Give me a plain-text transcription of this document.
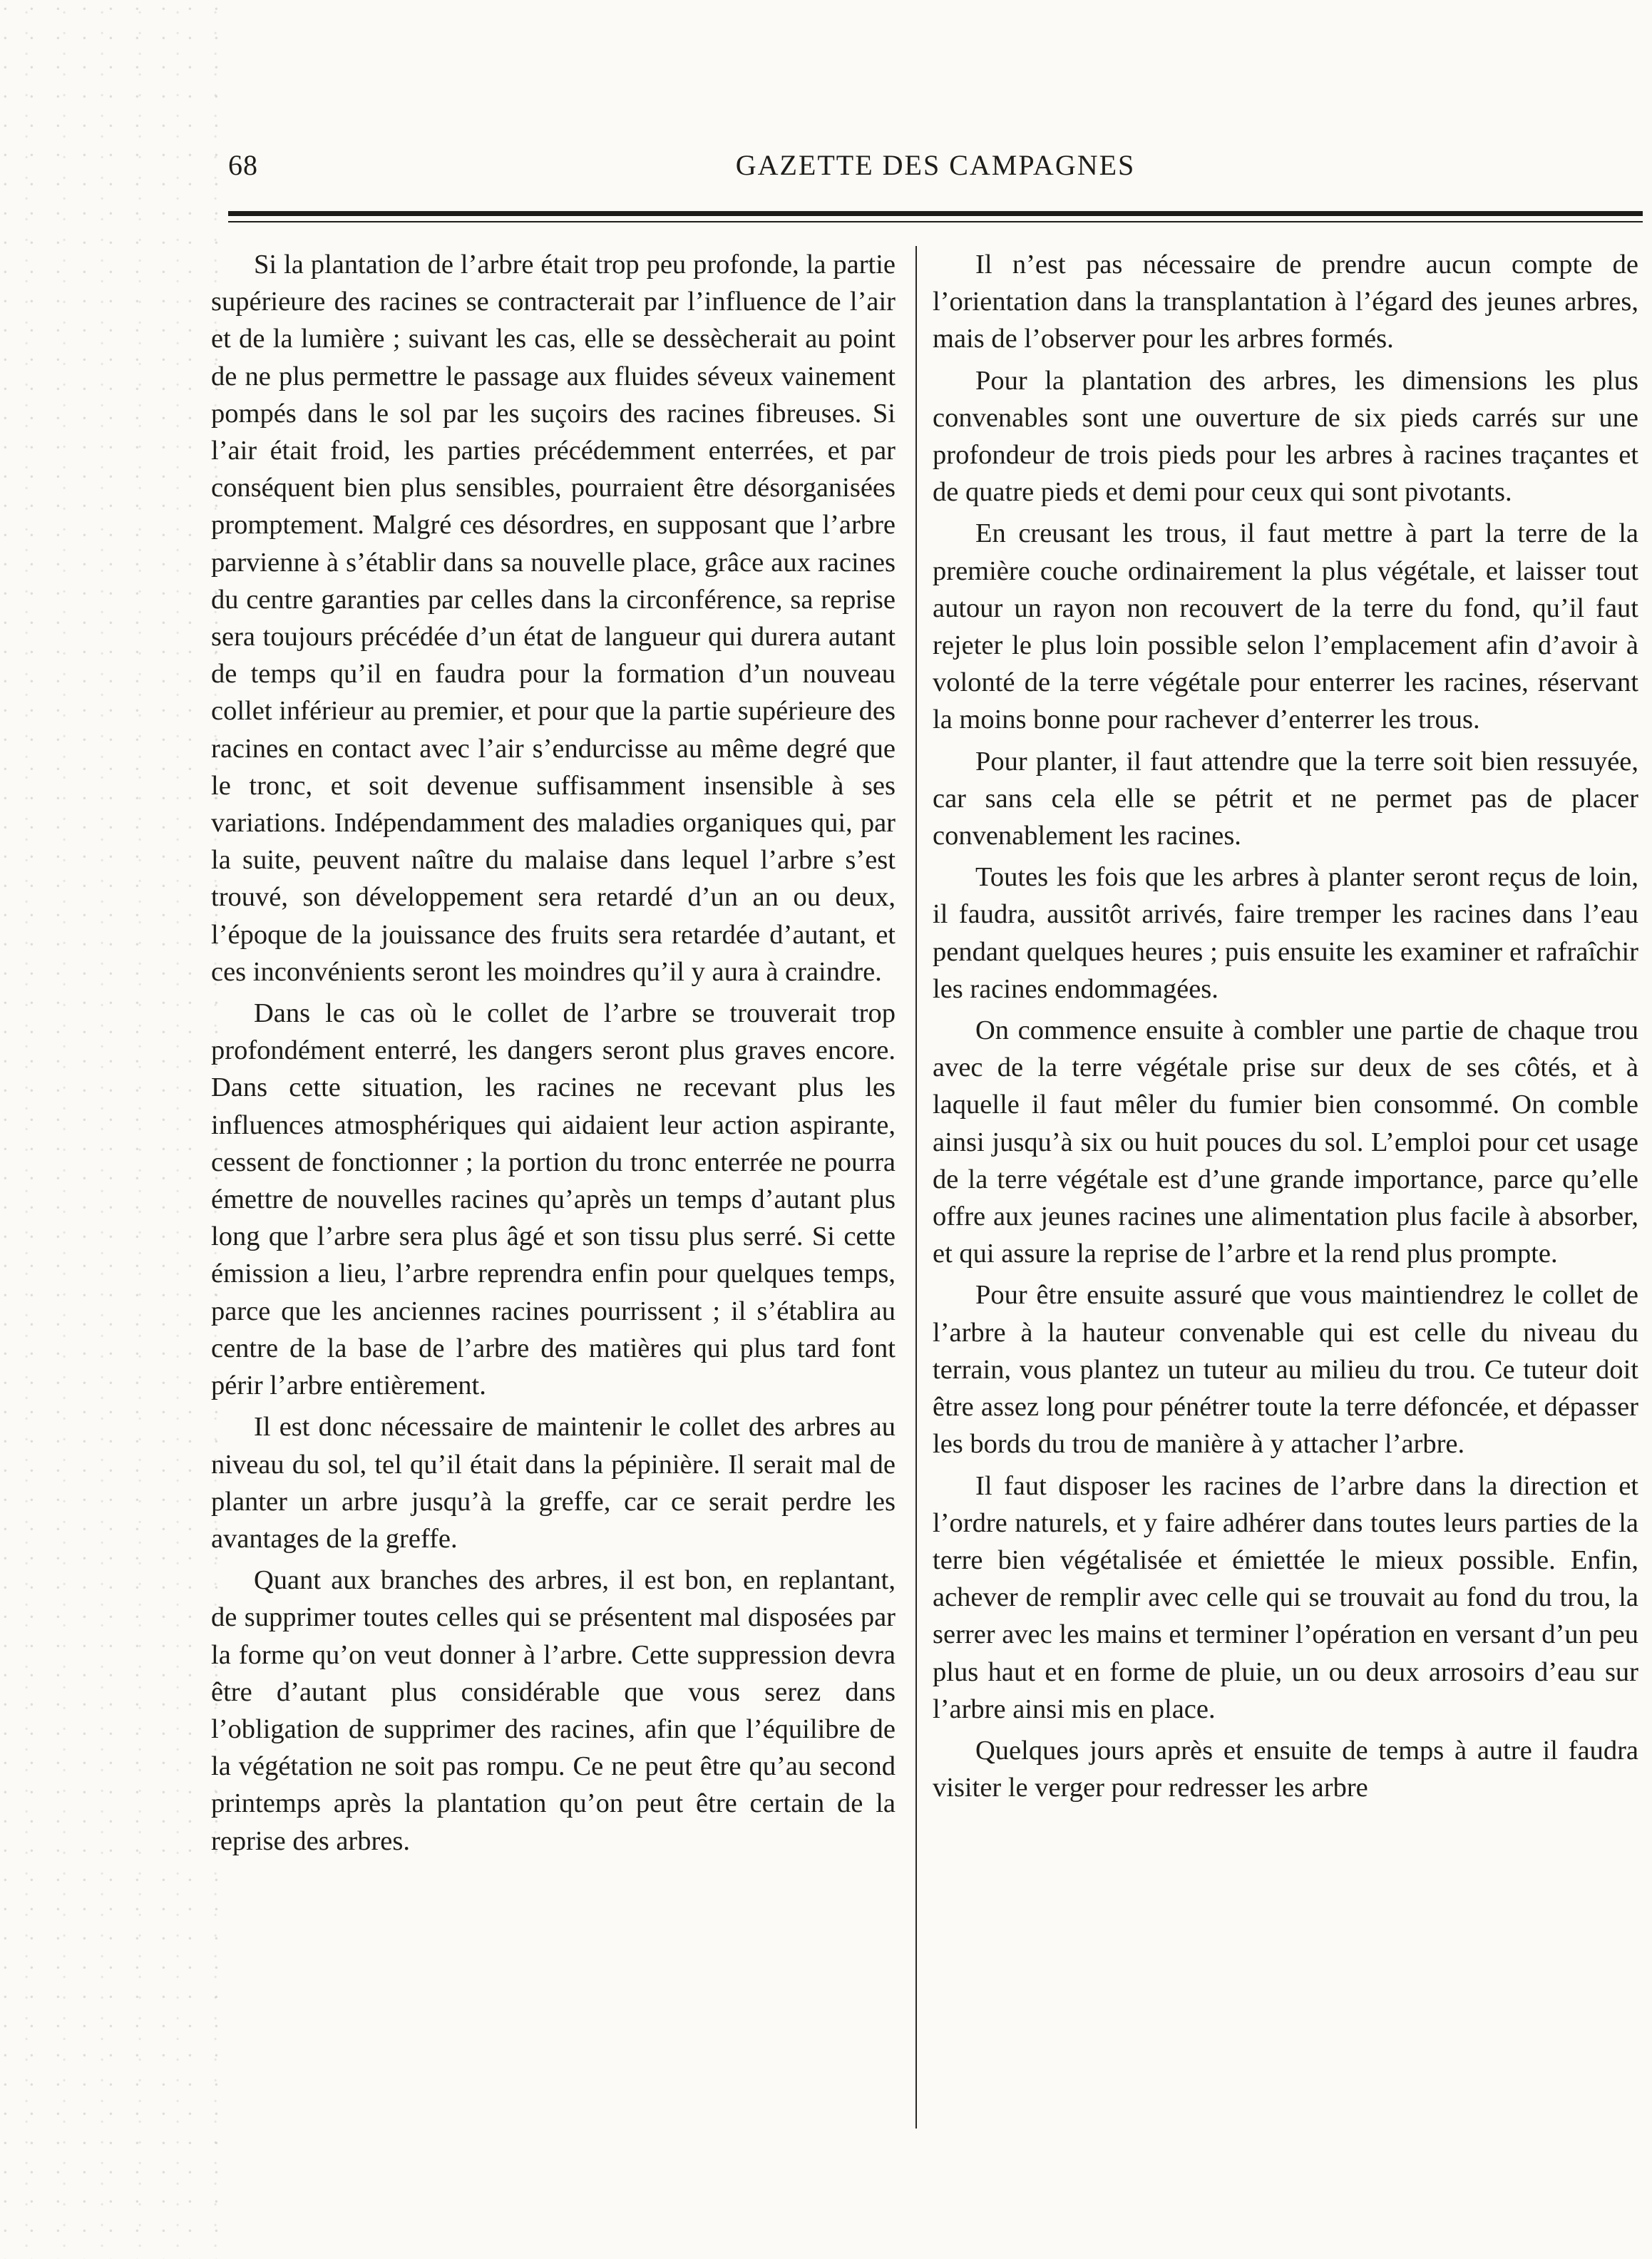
68	GAZETTE DES CAMPAGNES

Si la plantation de l’arbre était trop peu profonde, la partie supérieure des racines se contracterait par l’influence de l’air et de la lumière ; suivant les cas, elle se dessècherait au point de ne plus permettre le passage aux fluides séveux vainement pompés dans le sol par les suçoirs des racines fibreuses. Si l’air était froid, les parties précédemment enterrées, et par conséquent bien plus sensibles, pourraient être désorganisées promptement. Malgré ces désordres, en supposant que l’arbre parvienne à s’établir dans sa nouvelle place, grâce aux racines du centre garanties par celles dans la circonférence, sa reprise sera toujours précédée d’un état de langueur qui durera autant de temps qu’il en faudra pour la formation d’un nouveau collet inférieur au premier, et pour que la partie supérieure des racines en contact avec l’air s’endurcisse au même degré que le tronc, et soit devenue suffisamment insensible à ses variations. Indépendamment des maladies organiques qui, par la suite, peuvent naître du malaise dans lequel l’arbre s’est trouvé, son développement sera retardé d’un an ou deux, l’époque de la jouissance des fruits sera retardée d’autant, et ces inconvénients seront les moindres qu’il y aura à craindre.

Dans le cas où le collet de l’arbre se trouverait trop profondément enterré, les dangers seront plus graves encore. Dans cette situation, les racines ne recevant plus les influences atmosphériques qui aidaient leur action aspirante, cessent de fonctionner ; la portion du tronc enterrée ne pourra émettre de nouvelles racines qu’après un temps d’autant plus long que l’arbre sera plus âgé et son tissu plus serré. Si cette émission a lieu, l’arbre reprendra enfin pour quelques temps, parce que les anciennes racines pourrissent ; il s’établira au centre de la base de l’arbre des matières qui plus tard font périr l’arbre entièrement.

Il est donc nécessaire de maintenir le collet des arbres au niveau du sol, tel qu’il était dans la pépinière. Il serait mal de planter un arbre jusqu’à la greffe, car ce serait perdre les avantages de la greffe.

Quant aux branches des arbres, il est bon, en replantant, de supprimer toutes celles qui se présentent mal disposées par la forme qu’on veut donner à l’arbre. Cette suppression devra être d’autant plus considérable que vous serez dans l’obligation de supprimer des racines, afin que l’équilibre de la végétation ne soit pas rompu. Ce ne peut être qu’au second printemps après la plantation qu’on peut être certain de la reprise des arbres.

Il n’est pas nécessaire de prendre aucun compte de l’orientation dans la transplantation à l’égard des jeunes arbres, mais de l’observer pour les arbres formés.

Pour la plantation des arbres, les dimensions les plus convenables sont une ouverture de six pieds carrés sur une profondeur de trois pieds pour les arbres à racines traçantes et de quatre pieds et demi pour ceux qui sont pivotants.

En creusant les trous, il faut mettre à part la terre de la première couche ordinairement la plus végétale, et laisser tout autour un rayon non recouvert de la terre du fond, qu’il faut rejeter le plus loin possible selon l’emplacement afin d’avoir à volonté de la terre végétale pour enterrer les racines, réservant la moins bonne pour rachever d’enterrer les trous.

Pour planter, il faut attendre que la terre soit bien ressuyée, car sans cela elle se pétrit et ne permet pas de placer convenablement les racines.

Toutes les fois que les arbres à planter seront reçus de loin, il faudra, aussitôt arrivés, faire tremper les racines dans l’eau pendant quelques heures ; puis ensuite les examiner et rafraîchir les racines endommagées.

On commence ensuite à combler une partie de chaque trou avec de la terre végétale prise sur deux de ses côtés, et à laquelle il faut mêler du fumier bien consommé. On comble ainsi jusqu’à six ou huit pouces du sol. L’emploi pour cet usage de la terre végétale est d’une grande importance, parce qu’elle offre aux jeunes racines une alimentation plus facile à absorber, et qui assure la reprise de l’arbre et la rend plus prompte.

Pour être ensuite assuré que vous maintiendrez le collet de l’arbre à la hauteur convenable qui est celle du niveau du terrain, vous plantez un tuteur au milieu du trou. Ce tuteur doit être assez long pour pénétrer toute la terre défoncée, et dépasser les bords du trou de manière à y attacher l’arbre.

Il faut disposer les racines de l’arbre dans la direction et l’ordre naturels, et y faire adhérer dans toutes leurs parties de la terre bien végétalisée et émiettée le mieux possible. Enfin, achever de remplir avec celle qui se trouvait au fond du trou, la serrer avec les mains et terminer l’opération en versant d’un peu plus haut et en forme de pluie, un ou deux arrosoirs d’eau sur l’arbre ainsi mis en place.

Quelques jours après et ensuite de temps à autre il faudra visiter le verger pour redresser les arbre
